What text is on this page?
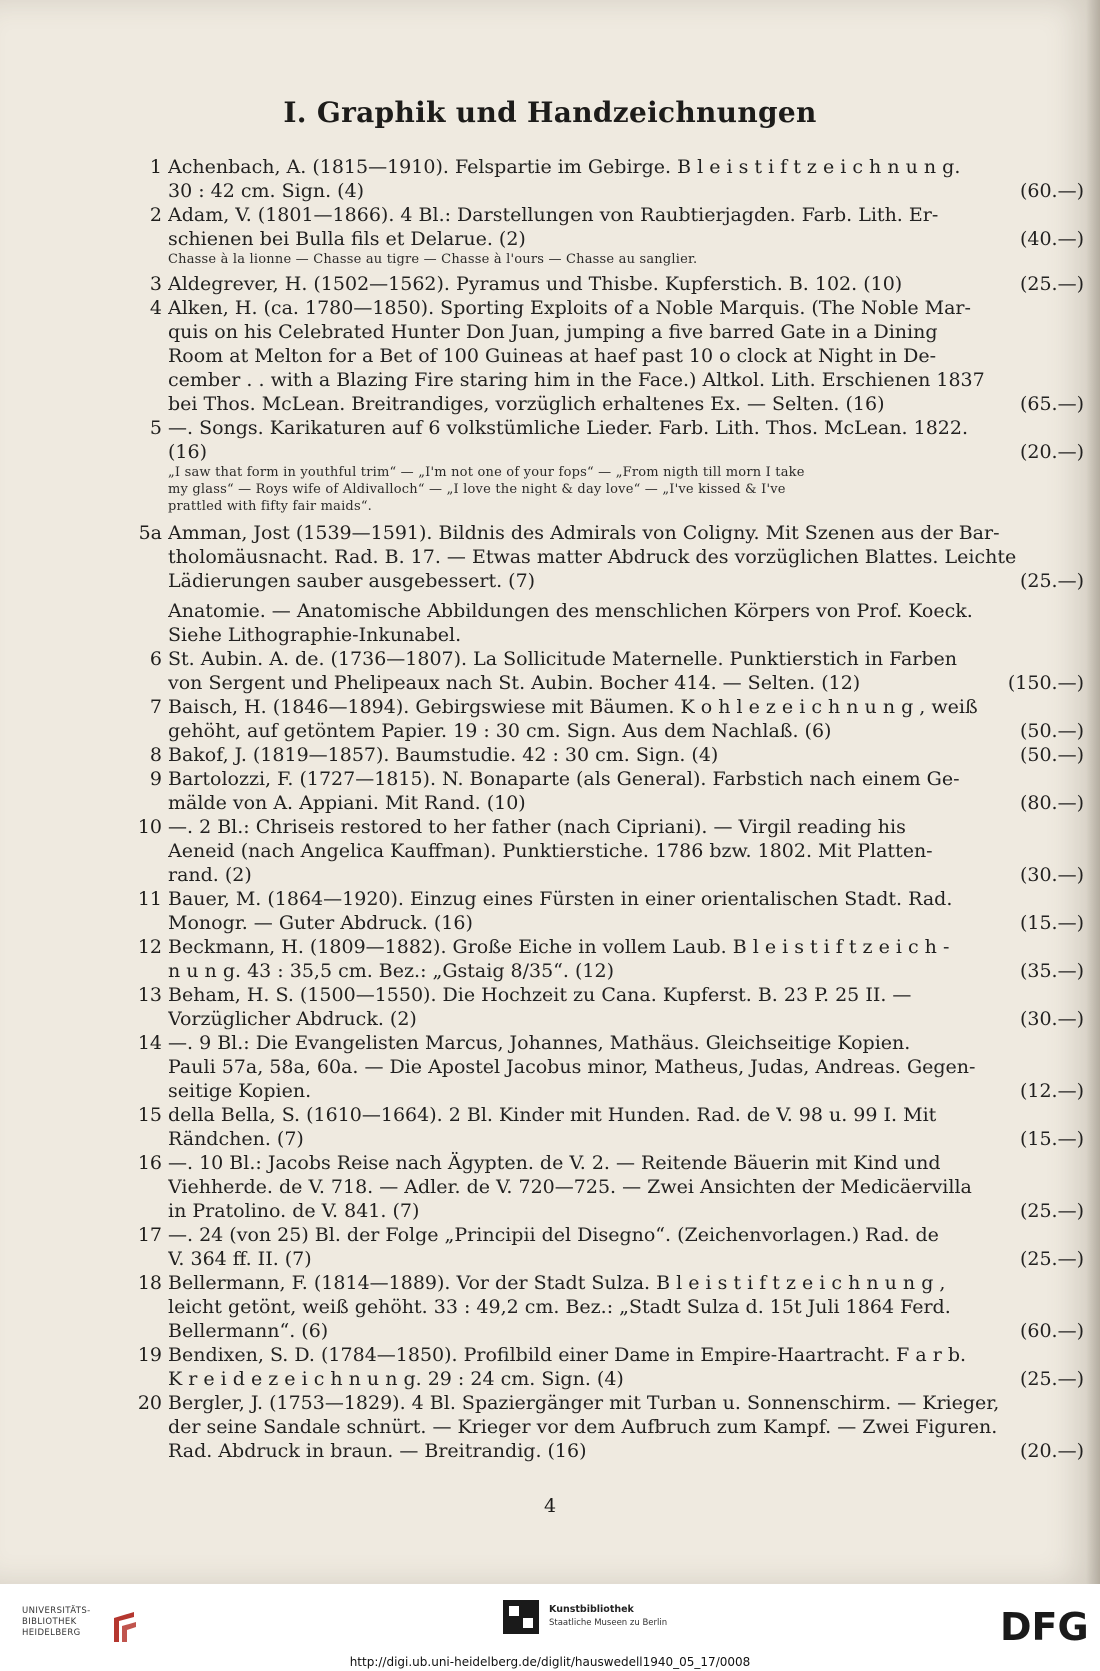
I. Graphik und Handzeichnungen
1 Achenbach, A. (1815—1910). Felspartie im Gebirge. B l e i s t i f t z e i c h n u n g.
30 : 42 cm. Sign. (4)	(60.—)
2 Adam, V. (1801—1866). 4 Bl.: Darstellungen von Raubtierjagden. Farb. Lith. Er-
schienen bei Bulla fils et Delarue. (2)	(40.—)
Chasse à la lionne — Chasse au tigre — Chasse à l'ours — Chasse au sanglier.
3 Aldegrever, H. (1502—1562). Pyramus und Thisbe. Kupferstich. B. 102. (10)	(25.—)
4 Alken, H. (ca. 1780—1850). Sporting Exploits of a Noble Marquis. (The Noble Mar-
quis on his Celebrated Hunter Don Juan, jumping a five barred Gate in a Dining
Room at Melton for a Bet of 100 Guineas at haef past 10 o clock at Night in De-
cember . . with a Blazing Fire staring him in the Face.) Altkol. Lith. Erschienen 1837
bei Thos. McLean. Breitrandiges, vorzüglich erhaltenes Ex. — Selten. (16)	(65.—)
5 —. Songs. Karikaturen auf 6 volkstümliche Lieder. Farb. Lith. Thos. McLean. 1822.
(16)	(20.—)
„I saw that form in youthful trim“ — „I'm not one of your fops“ — „From nigth till morn I take
my glass“ — Roys wife of Aldivalloch“ — „I love the night & day love“ — „I've kissed & I've
prattled with fifty fair maids“.
5a Amman, Jost (1539—1591). Bildnis des Admirals von Coligny. Mit Szenen aus der Bar-
tholomäusnacht. Rad. B. 17. — Etwas matter Abdruck des vorzüglichen Blattes. Leichte
Lädierungen sauber ausgebessert. (7)	(25.—)
Anatomie. — Anatomische Abbildungen des menschlichen Körpers von Prof. Koeck.
Siehe Lithographie-Inkunabel.
6 St. Aubin. A. de. (1736—1807). La Sollicitude Maternelle. Punktierstich in Farben
von Sergent und Phelipeaux nach St. Aubin. Bocher 414. — Selten. (12)	(150.—)
7 Baisch, H. (1846—1894). Gebirgswiese mit Bäumen. K o h l e z e i c h n u n g , weiß
gehöht, auf getöntem Papier. 19 : 30 cm. Sign. Aus dem Nachlaß. (6)	(50.—)
8 Bakof, J. (1819—1857). Baumstudie. 42 : 30 cm. Sign. (4)	(50.—)
9 Bartolozzi, F. (1727—1815). N. Bonaparte (als General). Farbstich nach einem Ge-
mälde von A. Appiani. Mit Rand. (10)	(80.—)
10 —. 2 Bl.: Chriseis restored to her father (nach Cipriani). — Virgil reading his
Aeneid (nach Angelica Kauffman). Punktierstiche. 1786 bzw. 1802. Mit Platten-
rand. (2)	(30.—)
11 Bauer, M. (1864—1920). Einzug eines Fürsten in einer orientalischen Stadt. Rad.
Monogr. — Guter Abdruck. (16)	(15.—)
12 Beckmann, H. (1809—1882). Große Eiche in vollem Laub. B l e i s t i f t z e i c h -
n u n g. 43 : 35,5 cm. Bez.: „Gstaig 8/35“. (12)	(35.—)
13 Beham, H. S. (1500—1550). Die Hochzeit zu Cana. Kupferst. B. 23 P. 25 II. —
Vorzüglicher Abdruck. (2)	(30.—)
14 —. 9 Bl.: Die Evangelisten Marcus, Johannes, Mathäus. Gleichseitige Kopien.
Pauli 57a, 58a, 60a. — Die Apostel Jacobus minor, Matheus, Judas, Andreas. Gegen-
seitige Kopien.	(12.—)
15 della Bella, S. (1610—1664). 2 Bl. Kinder mit Hunden. Rad. de V. 98 u. 99 I. Mit
Rändchen. (7)	(15.—)
16 —. 10 Bl.: Jacobs Reise nach Ägypten. de V. 2. — Reitende Bäuerin mit Kind und
Viehherde. de V. 718. — Adler. de V. 720—725. — Zwei Ansichten der Medicäervilla
in Pratolino. de V. 841. (7)	(25.—)
17 —. 24 (von 25) Bl. der Folge „Principii del Disegno“. (Zeichenvorlagen.) Rad. de
V. 364 ff. II. (7)	(25.—)
18 Bellermann, F. (1814—1889). Vor der Stadt Sulza. B l e i s t i f t z e i c h n u n g ,
leicht getönt, weiß gehöht. 33 : 49,2 cm. Bez.: „Stadt Sulza d. 15t Juli 1864 Ferd.
Bellermann“. (6)	(60.—)
19 Bendixen, S. D. (1784—1850). Profilbild einer Dame in Empire-Haartracht. F a r b.
K r e i d e z e i c h n u n g. 29 : 24 cm. Sign. (4)	(25.—)
20 Bergler, J. (1753—1829). 4 Bl. Spaziergänger mit Turban u. Sonnenschirm. — Krieger,
der seine Sandale schnürt. — Krieger vor dem Aufbruch zum Kampf. — Zwei Figuren.
Rad. Abdruck in braun. — Breitrandig. (16)	(20.—)
4
UNIVERSITÄTS-
BIBLIOTHEK
HEIDELBERG
Kunstbibliothek
Staatliche Museen zu Berlin	DFG
http://digi.ub.uni-heidelberg.de/diglit/hauswedell1940_05_17/0008
